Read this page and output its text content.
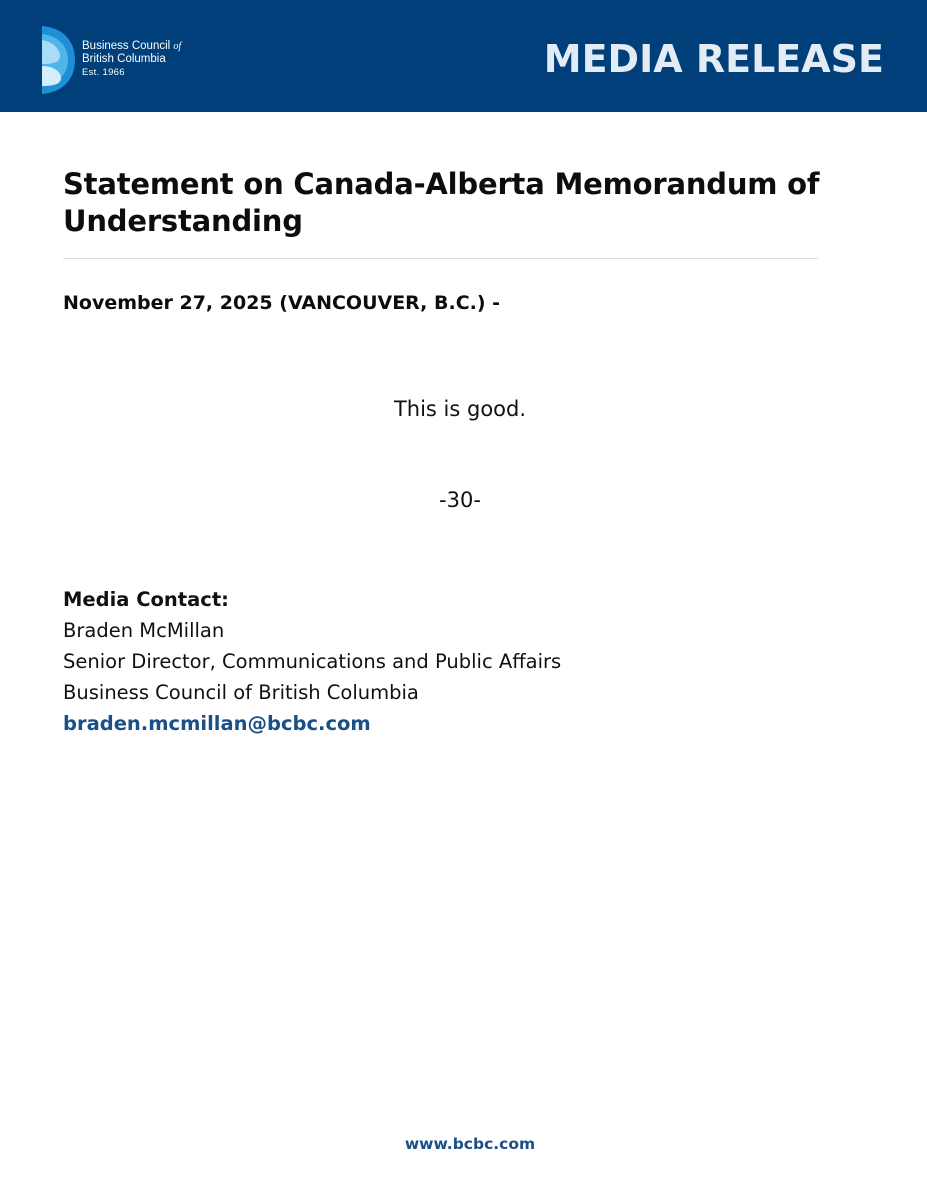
Business Council of
British Columbia
Est. 1966	MEDIA RELEASE
Statement on Canada-Alberta Memorandum of Understanding
November 27, 2025 (VANCOUVER, B.C.) -

This is good.

-30-

Media Contact:
Braden McMillan
Senior Director, Communications and Public Affairs
Business Council of British Columbia
braden.mcmillan@bcbc.com
www.bcbc.com
